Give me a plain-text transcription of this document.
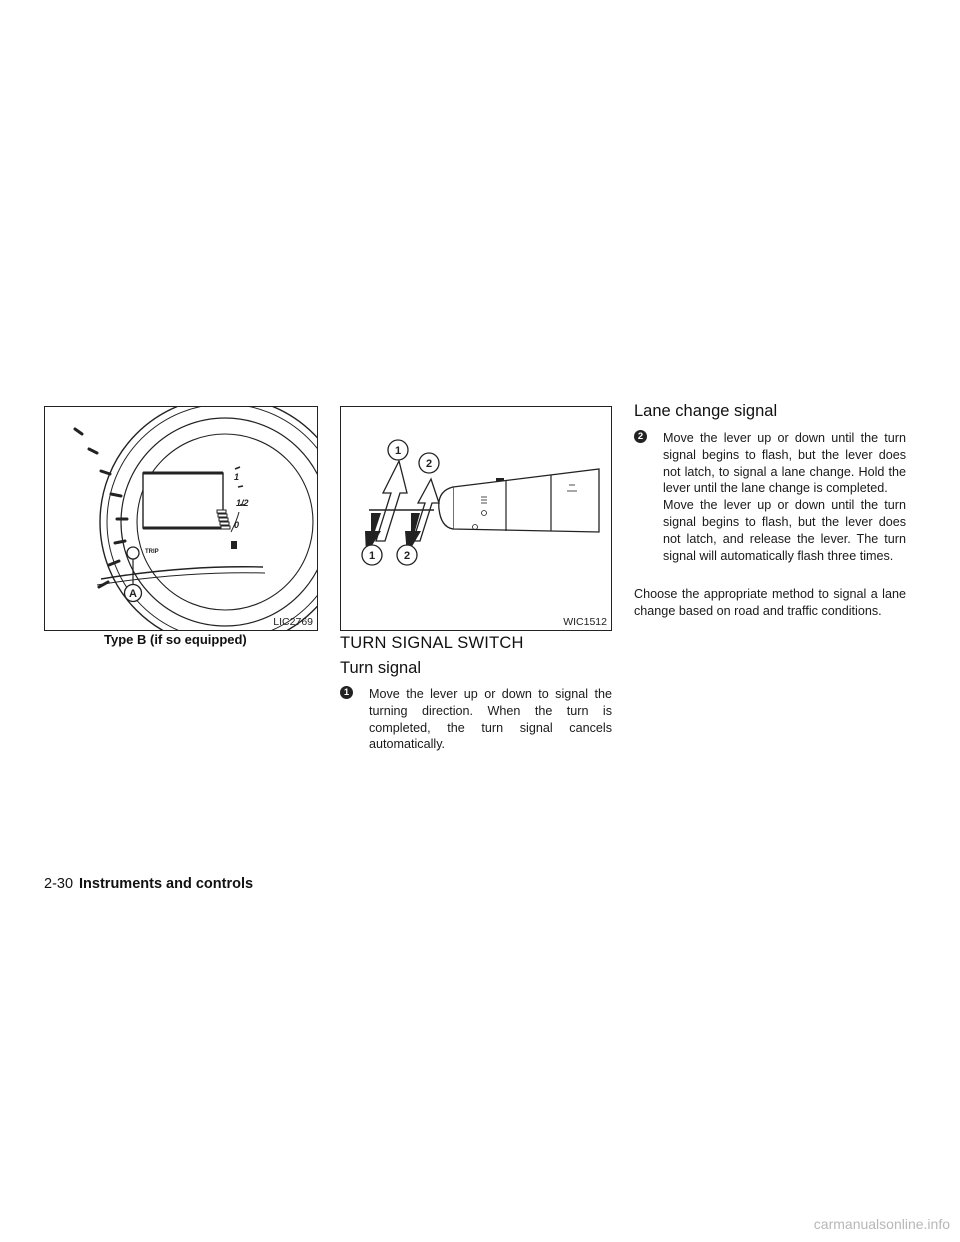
A
1
1/2
0
TRIP
LIC2769
Type B (if so equipped)
1
2
1	2
WIC1512
TURN SIGNAL SWITCH
Turn signal
1	Move the lever up or down to signal the turning direction. When the turn is completed, the turn signal cancels automatically.
Lane change signal
2	Move the lever up or down until the turn signal begins to flash, but the lever does not latch, to signal a lane change. Hold the lever until the lane change is completed.

Move the lever up or down until the turn signal begins to flash, but the lever does not latch, and release the lever. The turn signal will automatically flash three times.

Choose the appropriate method to signal a lane change based on road and traffic conditions.
2-30 Instruments and controls
carmanualsonline.info
